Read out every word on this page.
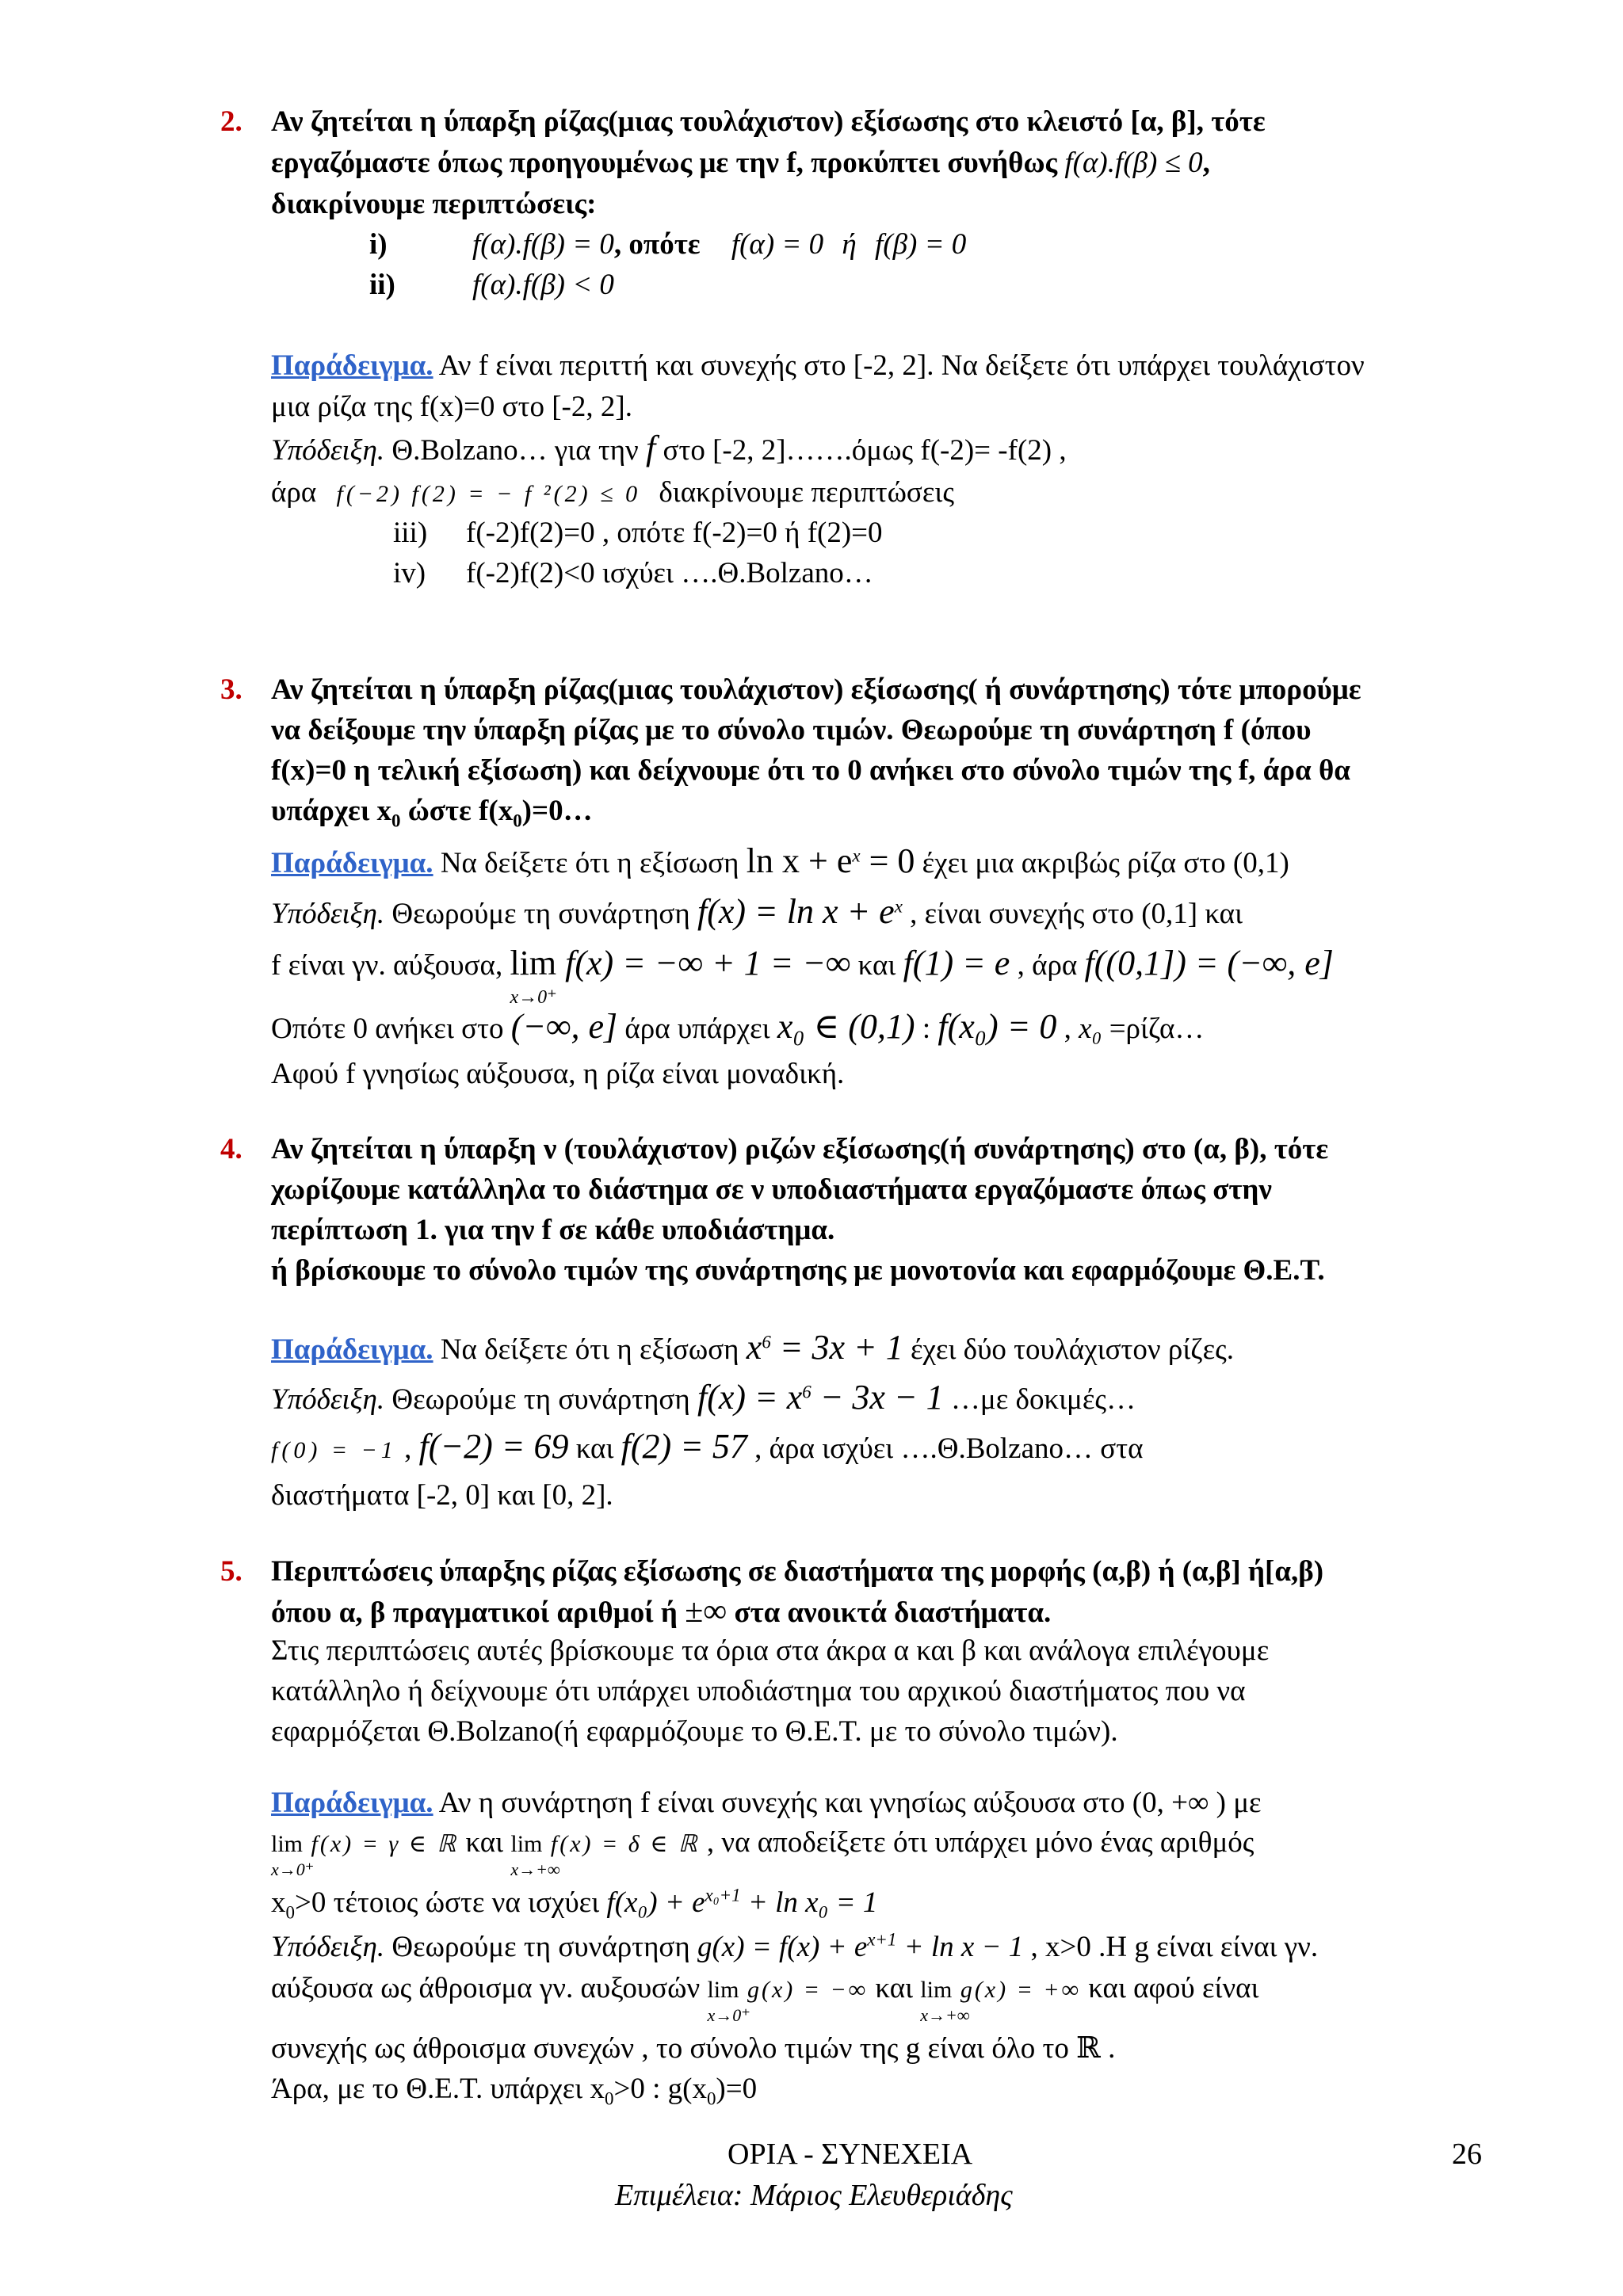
2. Αν ζητείται η ύπαρξη ρίζας(μιας τουλάχιστον) εξίσωσης στο κλειστό [α, β], τότε
εργαζόμαστε όπως προηγουμένως με την f, προκύπτει συνήθως f(α).f(β) ≤ 0,
διακρίνουμε περιπτώσεις:
i)	f(α).f(β) = 0, οπότε f(α) = 0 ή f(β) = 0
ii)	f(α).f(β) < 0
Παράδειγμα. Αν f είναι περιττή και συνεχής στο [-2, 2]. Να δείξετε ότι υπάρχει τουλάχιστον
μια ρίζα της f(x)=0 στο [-2, 2].
Υπόδειξη. Θ.Bolzano… για την f στο [-2, 2]…….όμως f(-2)= -f(2) ,
άρα f(−2) f(2) = − f ²(2) ≤ 0 διακρίνουμε περιπτώσεις
iii) f(-2)f(2)=0 , οπότε f(-2)=0 ή f(2)=0
iv) f(-2)f(2)<0 ισχύει ….Θ.Bolzano…
3. Αν ζητείται η ύπαρξη ρίζας(μιας τουλάχιστον) εξίσωσης( ή συνάρτησης) τότε μπορούμε
να δείξουμε την ύπαρξη ρίζας με το σύνολο τιμών. Θεωρούμε τη συνάρτηση f (όπου
f(x)=0 η τελική εξίσωση) και δείχνουμε ότι το 0 ανήκει στο σύνολο τιμών της f, άρα θα
υπάρχει $x_0$ ώστε $f(x_0)=0\dots$
Παράδειγμα. Να δείξετε ότι η εξίσωση $\ln x + e^x = 0$ έχει μια ακριβώς ρίζα στο (0,1)
Υπόδειξη. Θεωρούμε τη συνάρτηση $f(x) = \ln x + e^x$ , είναι συνεχής στο (0,1] και
f είναι γν. αύξουσα, lim
x→0⁺
f(x) = −∞ + 1 = −∞ και f(1) = e , άρα f((0,1]) = (−∞, e]
Οπότε 0 ανήκει στο (−∞, e] άρα υπάρχει x₀ ∈ (0,1) : f(x₀) = 0 , x₀ =ρίζα…
Αφού f γνησίως αύξουσα, η ρίζα είναι μοναδική.
4. Αν ζητείται η ύπαρξη ν (τουλάχιστον) ριζών εξίσωσης(ή συνάρτησης) στο (α, β), τότε
χωρίζουμε κατάλληλα το διάστημα σε ν υποδιαστήματα εργαζόμαστε όπως στην
περίπτωση 1. για την f σε κάθε υποδιάστημα.
ή βρίσκουμε το σύνολο τιμών της συνάρτησης με μονοτονία και εφαρμόζουμε Θ.Ε.Τ.
Παράδειγμα. Να δείξετε ότι η εξίσωση $x^6 = 3x + 1$ έχει δύο τουλάχιστον ρίζες.
Υπόδειξη. Θεωρούμε τη συνάρτηση $f(x) = x^6 - 3x - 1$ …με δοκιμές…
f(0) = −1 , f(−2) = 69 και f(2) = 57 , άρα ισχύει ….Θ.Bolzano… στα
διαστήματα [-2, 0] και [0, 2].
5. Περιπτώσεις ύπαρξης ρίζας εξίσωσης σε διαστήματα της μορφής (α,β) ή (α,β] ή[α,β)
όπου α, β πραγματικοί αριθμοί ή ±∞ στα ανοικτά διαστήματα.
Στις περιπτώσεις αυτές βρίσκουμε τα όρια στα άκρα α και β και ανάλογα επιλέγουμε
κατάλληλο ή δείχνουμε ότι υπάρχει υποδιάστημα του αρχικού διαστήματος που να
εφαρμόζεται Θ.Bolzano(ή εφαρμόζουμε το Θ.Ε.Τ. με το σύνολο τιμών).
Παράδειγμα. Αν η συνάρτηση f είναι συνεχής και γνησίως αύξουσα στο (0, +∞ ) με
lim
x→0⁺
f(x) = γ ∈ ℝ και lim
x→+∞
f(x) = δ ∈ ℝ , να αποδείξετε ότι υπάρχει μόνο ένας αριθμός
$x_0>0$ τέτοιος ώστε να ισχύει $f(x_0) + e^{x_0+1} + \ln x_0 = 1$
Υπόδειξη. Θεωρούμε τη συνάρτηση $g(x) = f(x) + e^{x+1} + \ln x - 1$ , x>0 .Η g είναι είναι γν.
αύξουσα ως άθροισμα γν. αυξουσών lim
x→0⁺
g(x) = −∞ και lim
x→+∞
g(x) = +∞ και αφού είναι
συνεχής ως άθροισμα συνεχών , το σύνολο τιμών της g είναι όλο το ℝ .
Άρα, με το Θ.Ε.Τ. υπάρχει $x_0>0$ : $g(x_0)=0$
ΟΡΙΑ - ΣΥΝΕΧΕΙΑ	26
Επιμέλεια: Μάριος Ελευθεριάδης
